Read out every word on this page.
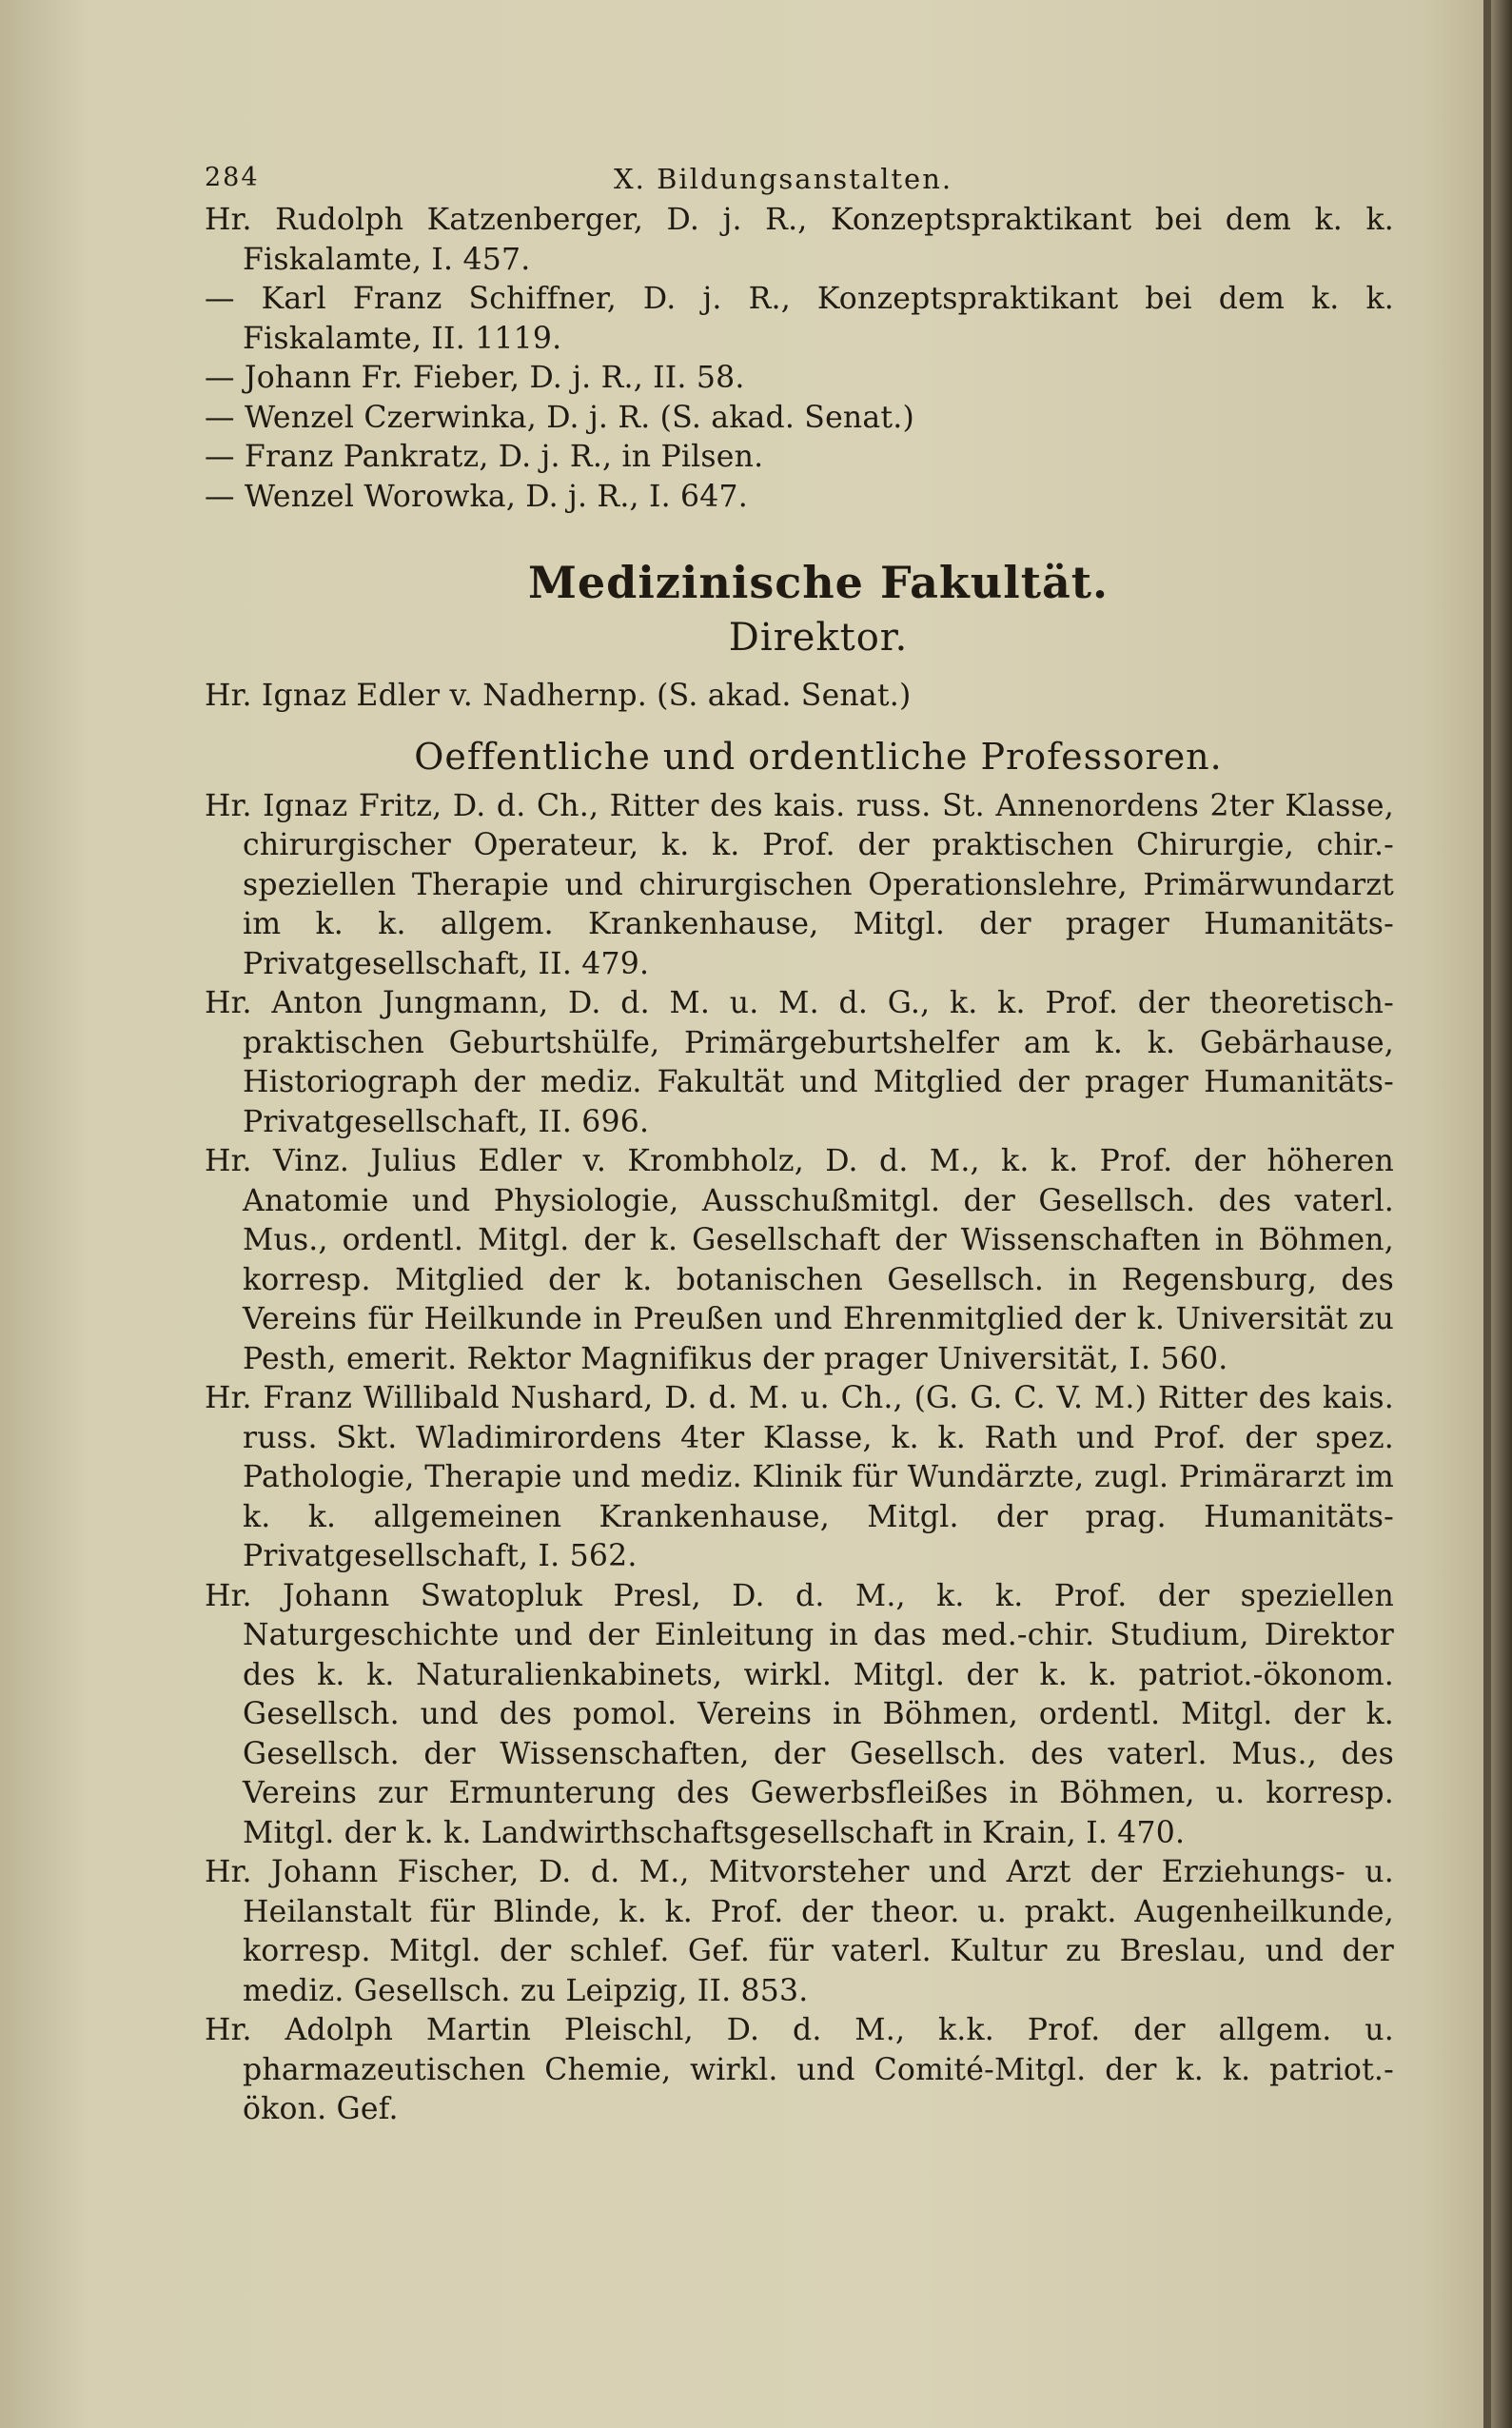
284	X. Bildungsanstalten.

Hr. Rudolph Katzenberger, D. j. R., Konzeptspraktikant bei dem k. k. Fiskalamte, I. 457.

— Karl Franz Schiffner, D. j. R., Konzeptspraktikant bei dem k. k. Fiskalamte, II. 1119.

— Johann Fr. Fieber, D. j. R., II. 58.

— Wenzel Czerwinka, D. j. R. (S. akad. Senat.)

— Franz Pankratz, D. j. R., in Pilsen.

— Wenzel Worowka, D. j. R., I. 647.

Medizinische Fakultät.
Direktor.

Hr. Ignaz Edler v. Nadhernp. (S. akad. Senat.)

Oeffentliche und ordentliche Professoren.

Hr. Ignaz Fritz, D. d. Ch., Ritter des kais. russ. St. Annenordens 2ter Klasse, chirurgischer Operateur, k. k. Prof. der praktischen Chirurgie, chir.-speziellen Therapie und chirurgischen Operationslehre, Primärwundarzt im k. k. allgem. Krankenhause, Mitgl. der prager Humanitäts-Privatgesellschaft, II. 479.

Hr. Anton Jungmann, D. d. M. u. M. d. G., k. k. Prof. der theoretisch-praktischen Geburtshülfe, Primärgeburtshelfer am k. k. Gebärhause, Historiograph der mediz. Fakultät und Mitglied der prager Humanitäts-Privatgesellschaft, II. 696.

Hr. Vinz. Julius Edler v. Krombholz, D. d. M., k. k. Prof. der höheren Anatomie und Physiologie, Ausschußmitgl. der Gesellsch. des vaterl. Mus., ordentl. Mitgl. der k. Gesellschaft der Wissenschaften in Böhmen, korresp. Mitglied der k. botanischen Gesellsch. in Regensburg, des Vereins für Heilkunde in Preußen und Ehrenmitglied der k. Universität zu Pesth, emerit. Rektor Magnifikus der prager Universität, I. 560.

Hr. Franz Willibald Nushard, D. d. M. u. Ch., (G. G. C. V. M.) Ritter des kais. russ. Skt. Wladimirordens 4ter Klasse, k. k. Rath und Prof. der spez. Pathologie, Therapie und mediz. Klinik für Wundärzte, zugl. Primärarzt im k. k. allgemeinen Krankenhause, Mitgl. der prag. Humanitäts-Privatgesellschaft, I. 562.

Hr. Johann Swatopluk Presl, D. d. M., k. k. Prof. der speziellen Naturgeschichte und der Einleitung in das med.-chir. Studium, Direktor des k. k. Naturalienkabinets, wirkl. Mitgl. der k. k. patriot.-ökonom. Gesellsch. und des pomol. Vereins in Böhmen, ordentl. Mitgl. der k. Gesellsch. der Wissenschaften, der Gesellsch. des vaterl. Mus., des Vereins zur Ermunterung des Gewerbsfleißes in Böhmen, u. korresp. Mitgl. der k. k. Landwirthschaftsgesellschaft in Krain, I. 470.

Hr. Johann Fischer, D. d. M., Mitvorsteher und Arzt der Erziehungs- u. Heilanstalt für Blinde, k. k. Prof. der theor. u. prakt. Augenheilkunde, korresp. Mitgl. der schlef. Gef. für vaterl. Kultur zu Breslau, und der mediz. Gesellsch. zu Leipzig, II. 853.

Hr. Adolph Martin Pleischl, D. d. M., k.k. Prof. der allgem. u. pharmazeutischen Chemie, wirkl. und Comité-Mitgl. der k. k. patriot.-ökon. Gef.
